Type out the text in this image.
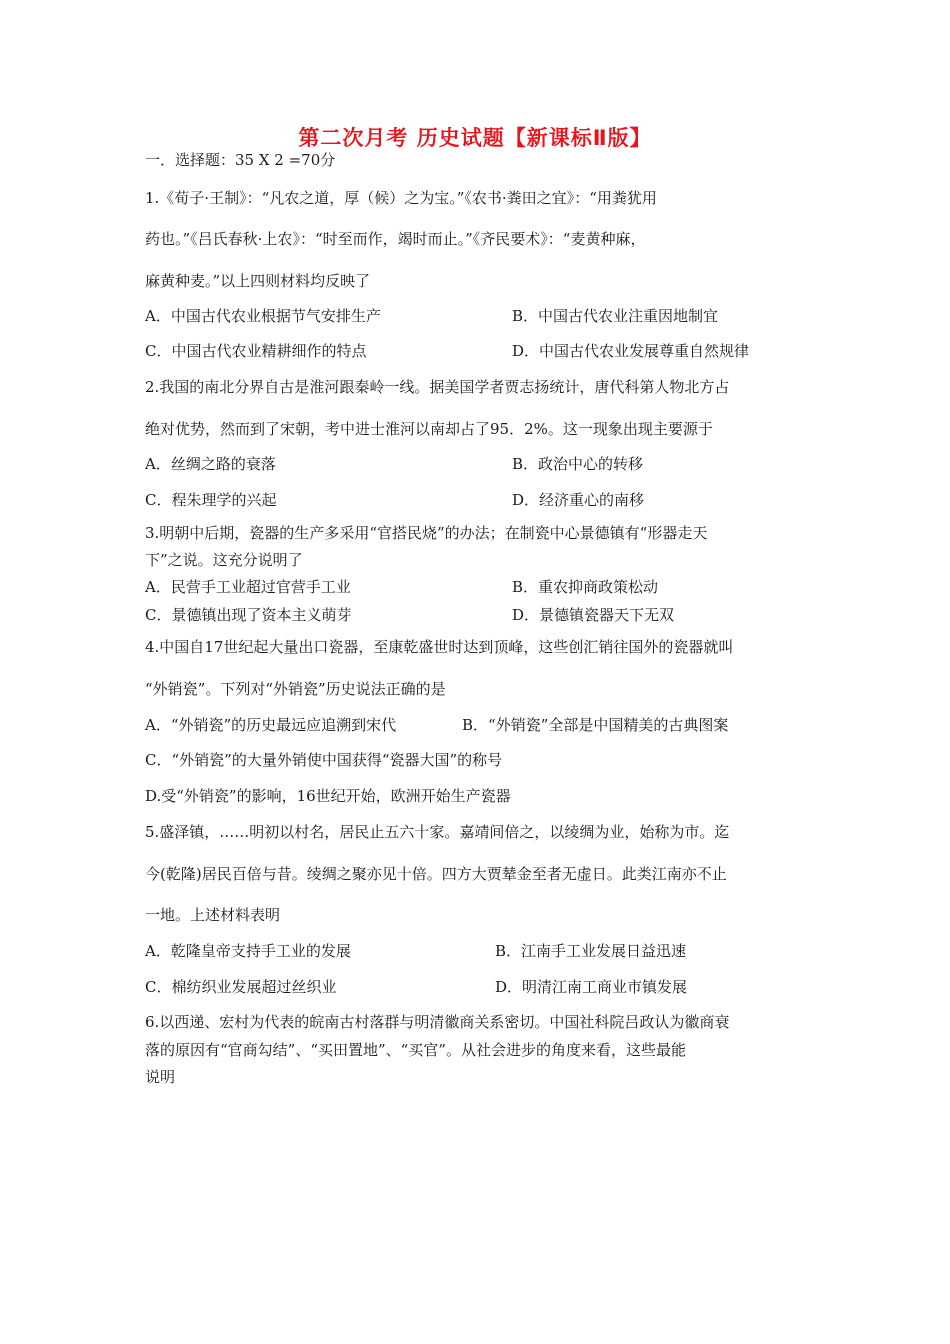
第二次月考 历史试题【新课标Ⅱ版】
一．选择题：35 X 2 =70分
1.《荀子·王制》：“凡农之道，厚（候）之为宝。”《农书·粪田之宜》：“用粪犹用
药也。”《吕氏春秋·上农》：“时至而作，竭时而止。”《齐民要术》：“麦黄种麻，
麻黄种麦。”以上四则材料均反映了
A．中国古代农业根据节气安排生产	B．中国古代农业注重因地制宜
C．中国古代农业精耕细作的特点	D．中国古代农业发展尊重自然规律
2.我国的南北分界自古是淮河跟秦岭一线。据美国学者贾志扬统计，唐代科第人物北方占
绝对优势，然而到了宋朝，考中进士淮河以南却占了95．2%。这一现象出现主要源于
A．丝绸之路的衰落	B．政治中心的转移
C．程朱理学的兴起	D．经济重心的南移
3.明朝中后期，瓷器的生产多采用“官搭民烧”的办法；在制瓷中心景德镇有“形器走天
下”之说。这充分说明了
A．民营手工业超过官营手工业	B．重农抑商政策松动
C．景德镇出现了资本主义萌芽	D．景德镇瓷器天下无双
4.中国自17世纪起大量出口瓷器，至康乾盛世时达到顶峰，这些创汇销往国外的瓷器就叫
“外销瓷”。下列对“外销瓷”历史说法正确的是
A．“外销瓷”的历史最远应追溯到宋代	B．“外销瓷”全部是中国精美的古典图案
C．“外销瓷”的大量外销使中国获得“瓷器大国”的称号
D.受“外销瓷”的影响，16世纪开始，欧洲开始生产瓷器
5.盛泽镇，……明初以村名，居民止五六十家。嘉靖间倍之，以绫绸为业，始称为市。迄
今(乾隆)居民百倍与昔。绫绸之聚亦见十倍。四方大贾辇金至者无虚日。此类江南亦不止
一地。上述材料表明
A．乾隆皇帝支持手工业的发展	B．江南手工业发展日益迅速
C．棉纺织业发展超过丝织业	D．明清江南工商业市镇发展
6.以西递、宏村为代表的皖南古村落群与明清徽商关系密切。中国社科院吕政认为徽商衰
落的原因有“官商勾结”、“买田置地”、“买官”。从社会进步的角度来看，这些最能
说明
